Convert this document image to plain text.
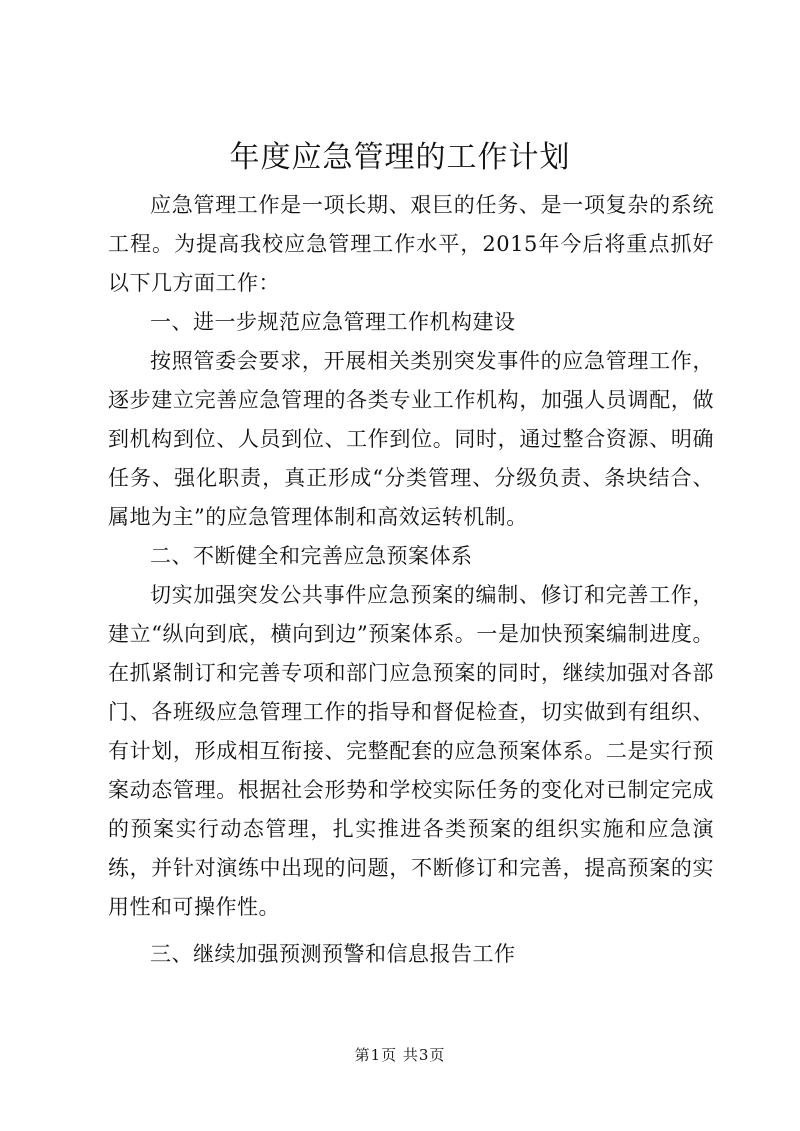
年度应急管理的工作计划

应急管理工作是一项长期、艰巨的任务、是一项复杂的系统工程。为提高我校应急管理工作水平，2015年今后将重点抓好以下几方面工作：

一、进一步规范应急管理工作机构建设

按照管委会要求，开展相关类别突发事件的应急管理工作，逐步建立完善应急管理的各类专业工作机构，加强人员调配，做到机构到位、人员到位、工作到位。同时，通过整合资源、明确任务、强化职责，真正形成“分类管理、分级负责、条块结合、属地为主”的应急管理体制和高效运转机制。

二、不断健全和完善应急预案体系

切实加强突发公共事件应急预案的编制、修订和完善工作，建立“纵向到底，横向到边”预案体系。一是加快预案编制进度。在抓紧制订和完善专项和部门应急预案的同时，继续加强对各部门、各班级应急管理工作的指导和督促检查，切实做到有组织、有计划，形成相互衔接、完整配套的应急预案体系。二是实行预案动态管理。根据社会形势和学校实际任务的变化对已制定完成的预案实行动态管理，扎实推进各类预案的组织实施和应急演练，并针对演练中出现的问题，不断修订和完善，提高预案的实用性和可操作性。

三、继续加强预测预警和信息报告工作

第1页 共3页
